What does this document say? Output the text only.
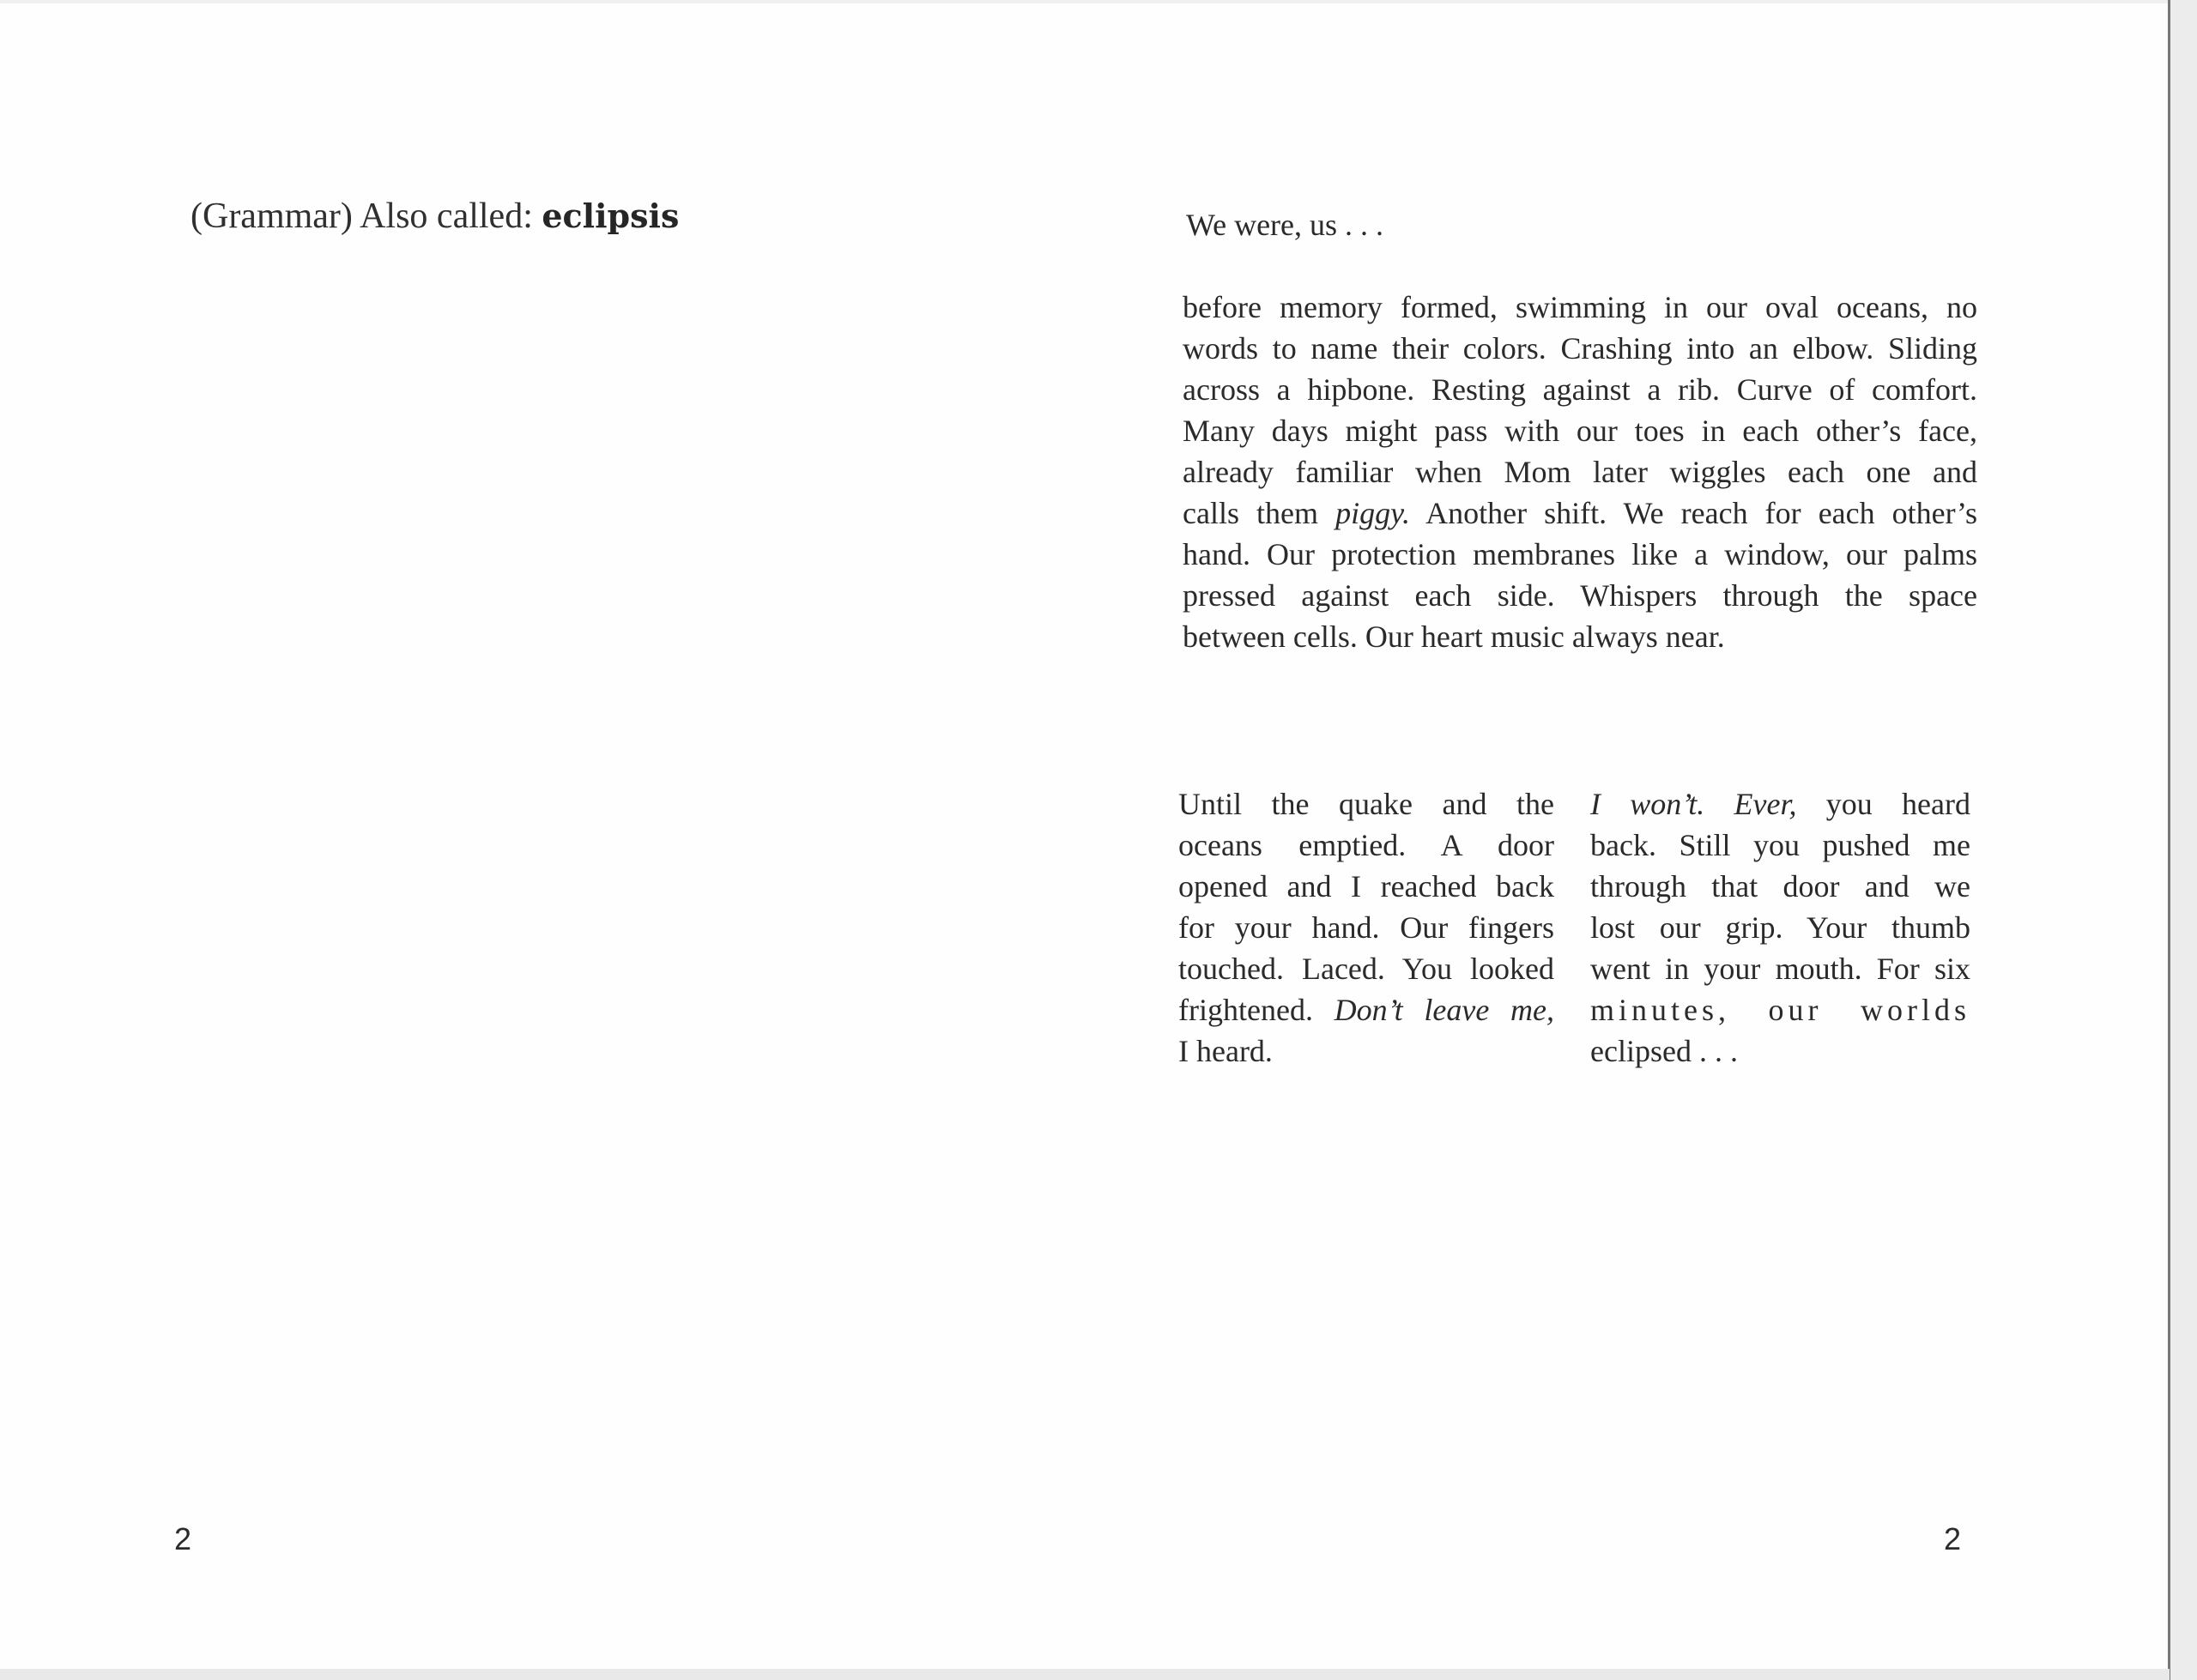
(Grammar) Also called: eclipsis
2
We were, us . . .
before memory formed, swimming in our oval oceans, no
words to name their colors. Crashing into an elbow. Sliding
across a hipbone. Resting against a rib. Curve of comfort.
Many days might pass with our toes in each other’s face,
already familiar when Mom later wiggles each one and
calls them piggy. Another shift. We reach for each other’s
hand. Our protection membranes like a window, our palms
pressed against each side. Whispers through the space
between cells. Our heart music always near.
Until the quake and the
oceans emptied. A door
opened and I reached back
for your hand. Our fingers
touched. Laced. You looked
frightened. Don’t leave me,
I heard.
I won’t. Ever, you heard
back. Still you pushed me
through that door and we
lost our grip. Your thumb
went in your mouth. For six
minutes, our worlds
eclipsed . . .
2
